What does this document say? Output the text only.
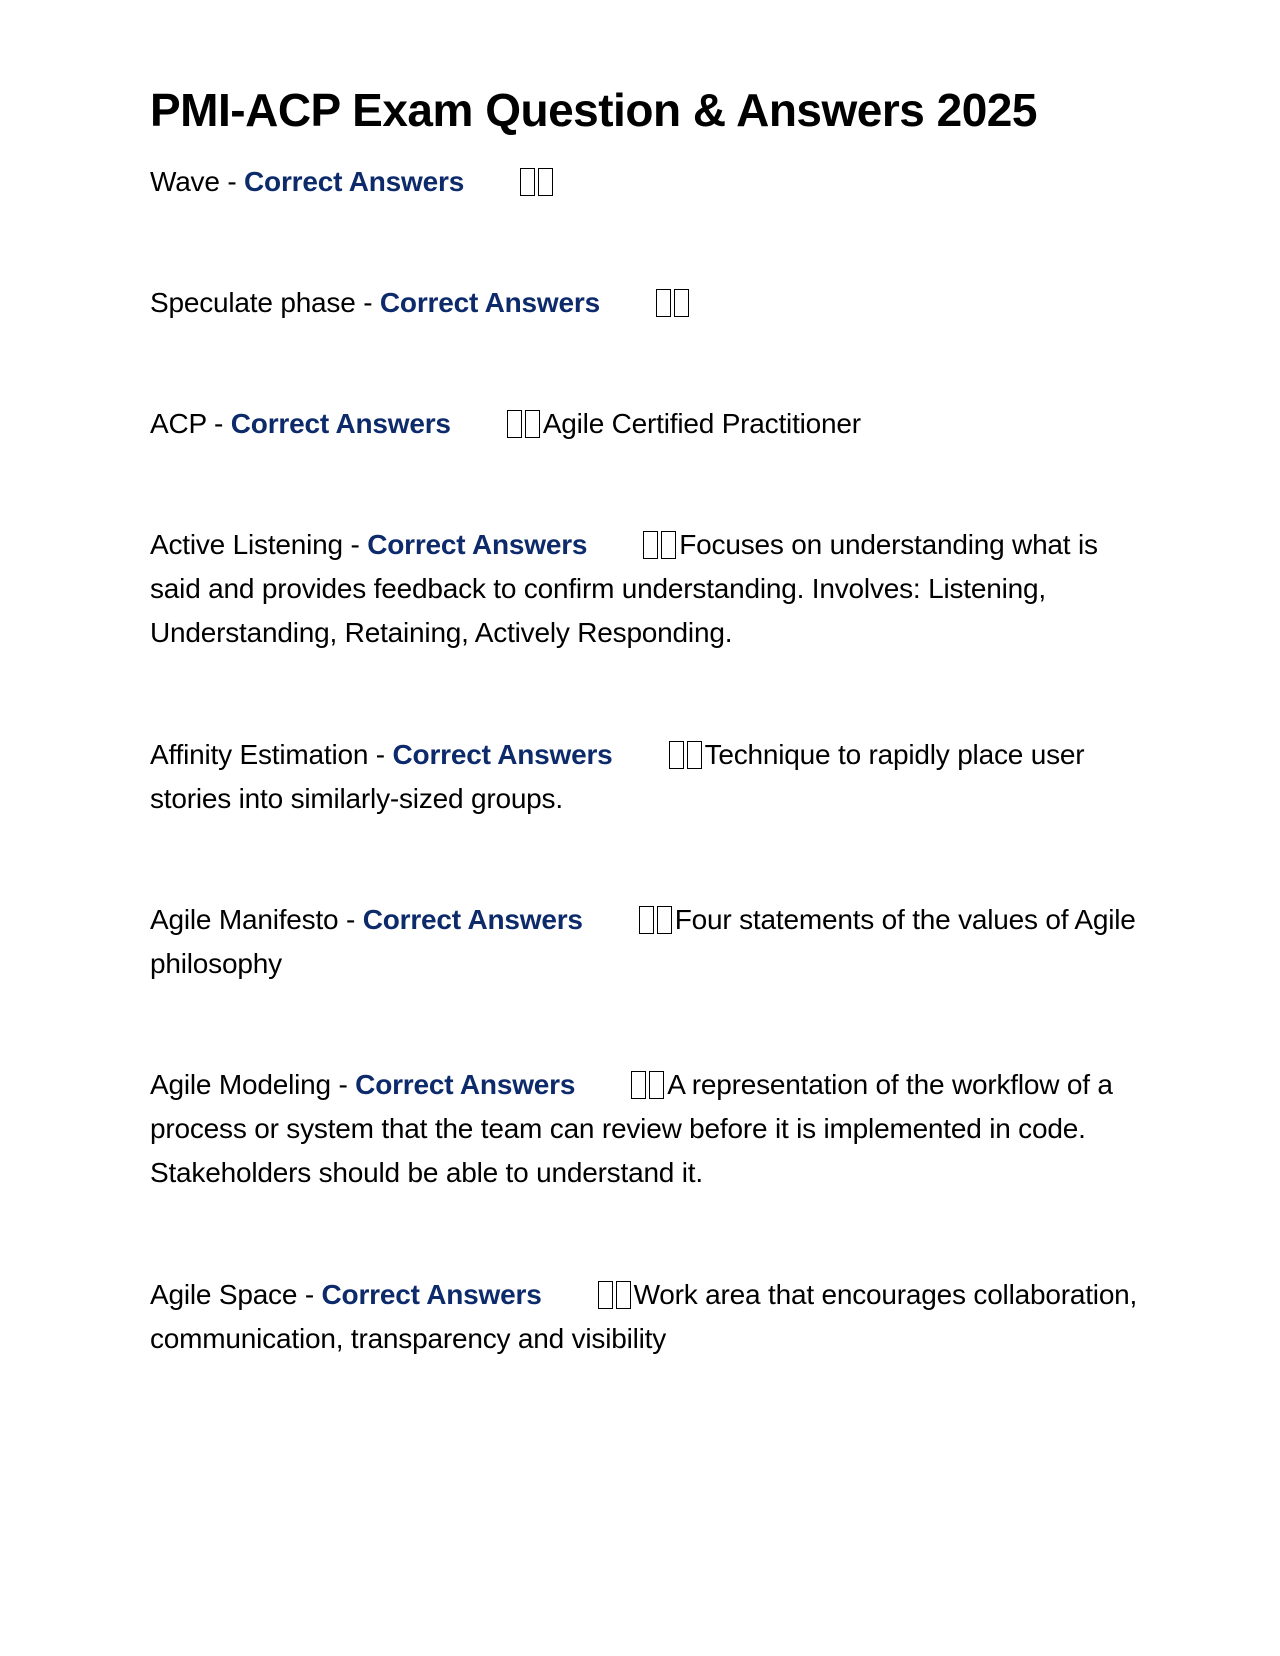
PMI-ACP Exam Question & Answers 2025
Wave - Correct Answers
Speculate phase - Correct Answers
ACP - Correct Answers	Agile Certified Practitioner
Active Listening - Correct Answers	Focuses on understanding what is said and provides feedback to confirm understanding. Involves: Listening, Understanding, Retaining, Actively Responding.
Affinity Estimation - Correct Answers	Technique to rapidly place user stories into similarly-sized groups.
Agile Manifesto - Correct Answers	Four statements of the values of Agile philosophy
Agile Modeling - Correct Answers	A representation of the workflow of a process or system that the team can review before it is implemented in code. Stakeholders should be able to understand it.
Agile Space - Correct Answers	Work area that encourages collaboration, communication, transparency and visibility
